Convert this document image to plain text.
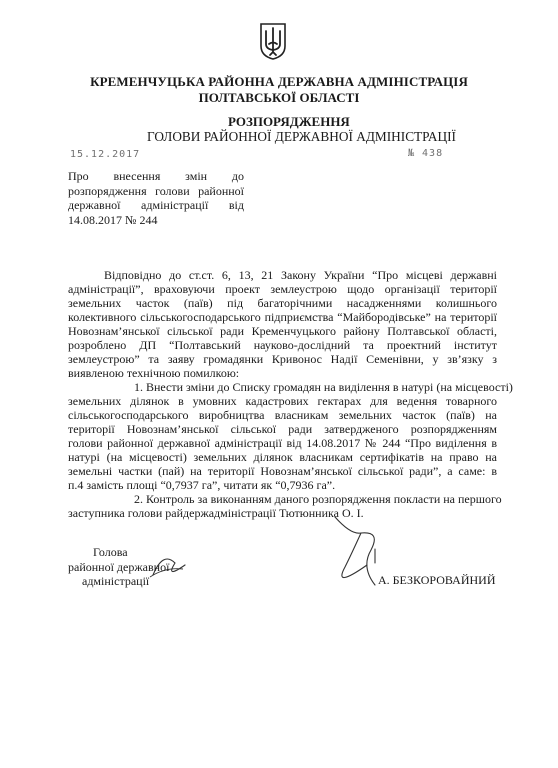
КРЕМЕНЧУЦЬКА РАЙОННА ДЕРЖАВНА АДМІНІСТРАЦІЯ
ПОЛТАВСЬКОЇ ОБЛАСТІ
РОЗПОРЯДЖЕННЯ
ГОЛОВИ РАЙОННОЇ ДЕРЖАВНОЇ АДМІНІСТРАЦІЇ
15.12.2017	№ 438
Про внесення змін до
розпорядження голови районної
державної адміністрації від
14.08.2017 № 244
Відповідно до ст.ст. 6, 13, 21 Закону України “Про місцеві державні
адміністрації”, враховуючи проект землеустрою щодо організації території
земельних часток (паїв) під багаторічними насадженнями колишнього
колективного сільськогосподарського підприємства “Майбородівське” на території
Новознам’янської сільської ради Кременчуцького району Полтавської області,
розроблено ДП “Полтавський науково-дослідний та проектний інститут
землеустрою” та заяву громадянки Кривонос Надії Семенівни, у зв’язку з
виявленою технічною помилкою:
1. Внести зміни до Списку громадян на виділення в натурі (на місцевості)
земельних ділянок в умовних кадастрових гектарах для ведення товарного
сільськогосподарського виробництва власникам земельних часток (паїв) на
території Новознам’янської сільської ради затвердженого розпорядженням
голови районної державної адміністрації від 14.08.2017 № 244 “Про виділення в
натурі (на місцевості) земельних ділянок власникам сертифікатів на право на
земельні частки (пай) на території Новознам’янської сільської ради”, а саме: в
п.4 замість площі “0,7937 га”, читати як “0,7936 га”.
2. Контроль за виконанням даного розпорядження покласти на першого
заступника голови райдержадміністрації Тютюнника О. І.
Голова
районної державної
адміністрації	А. БЕЗКОРОВАЙНИЙ
